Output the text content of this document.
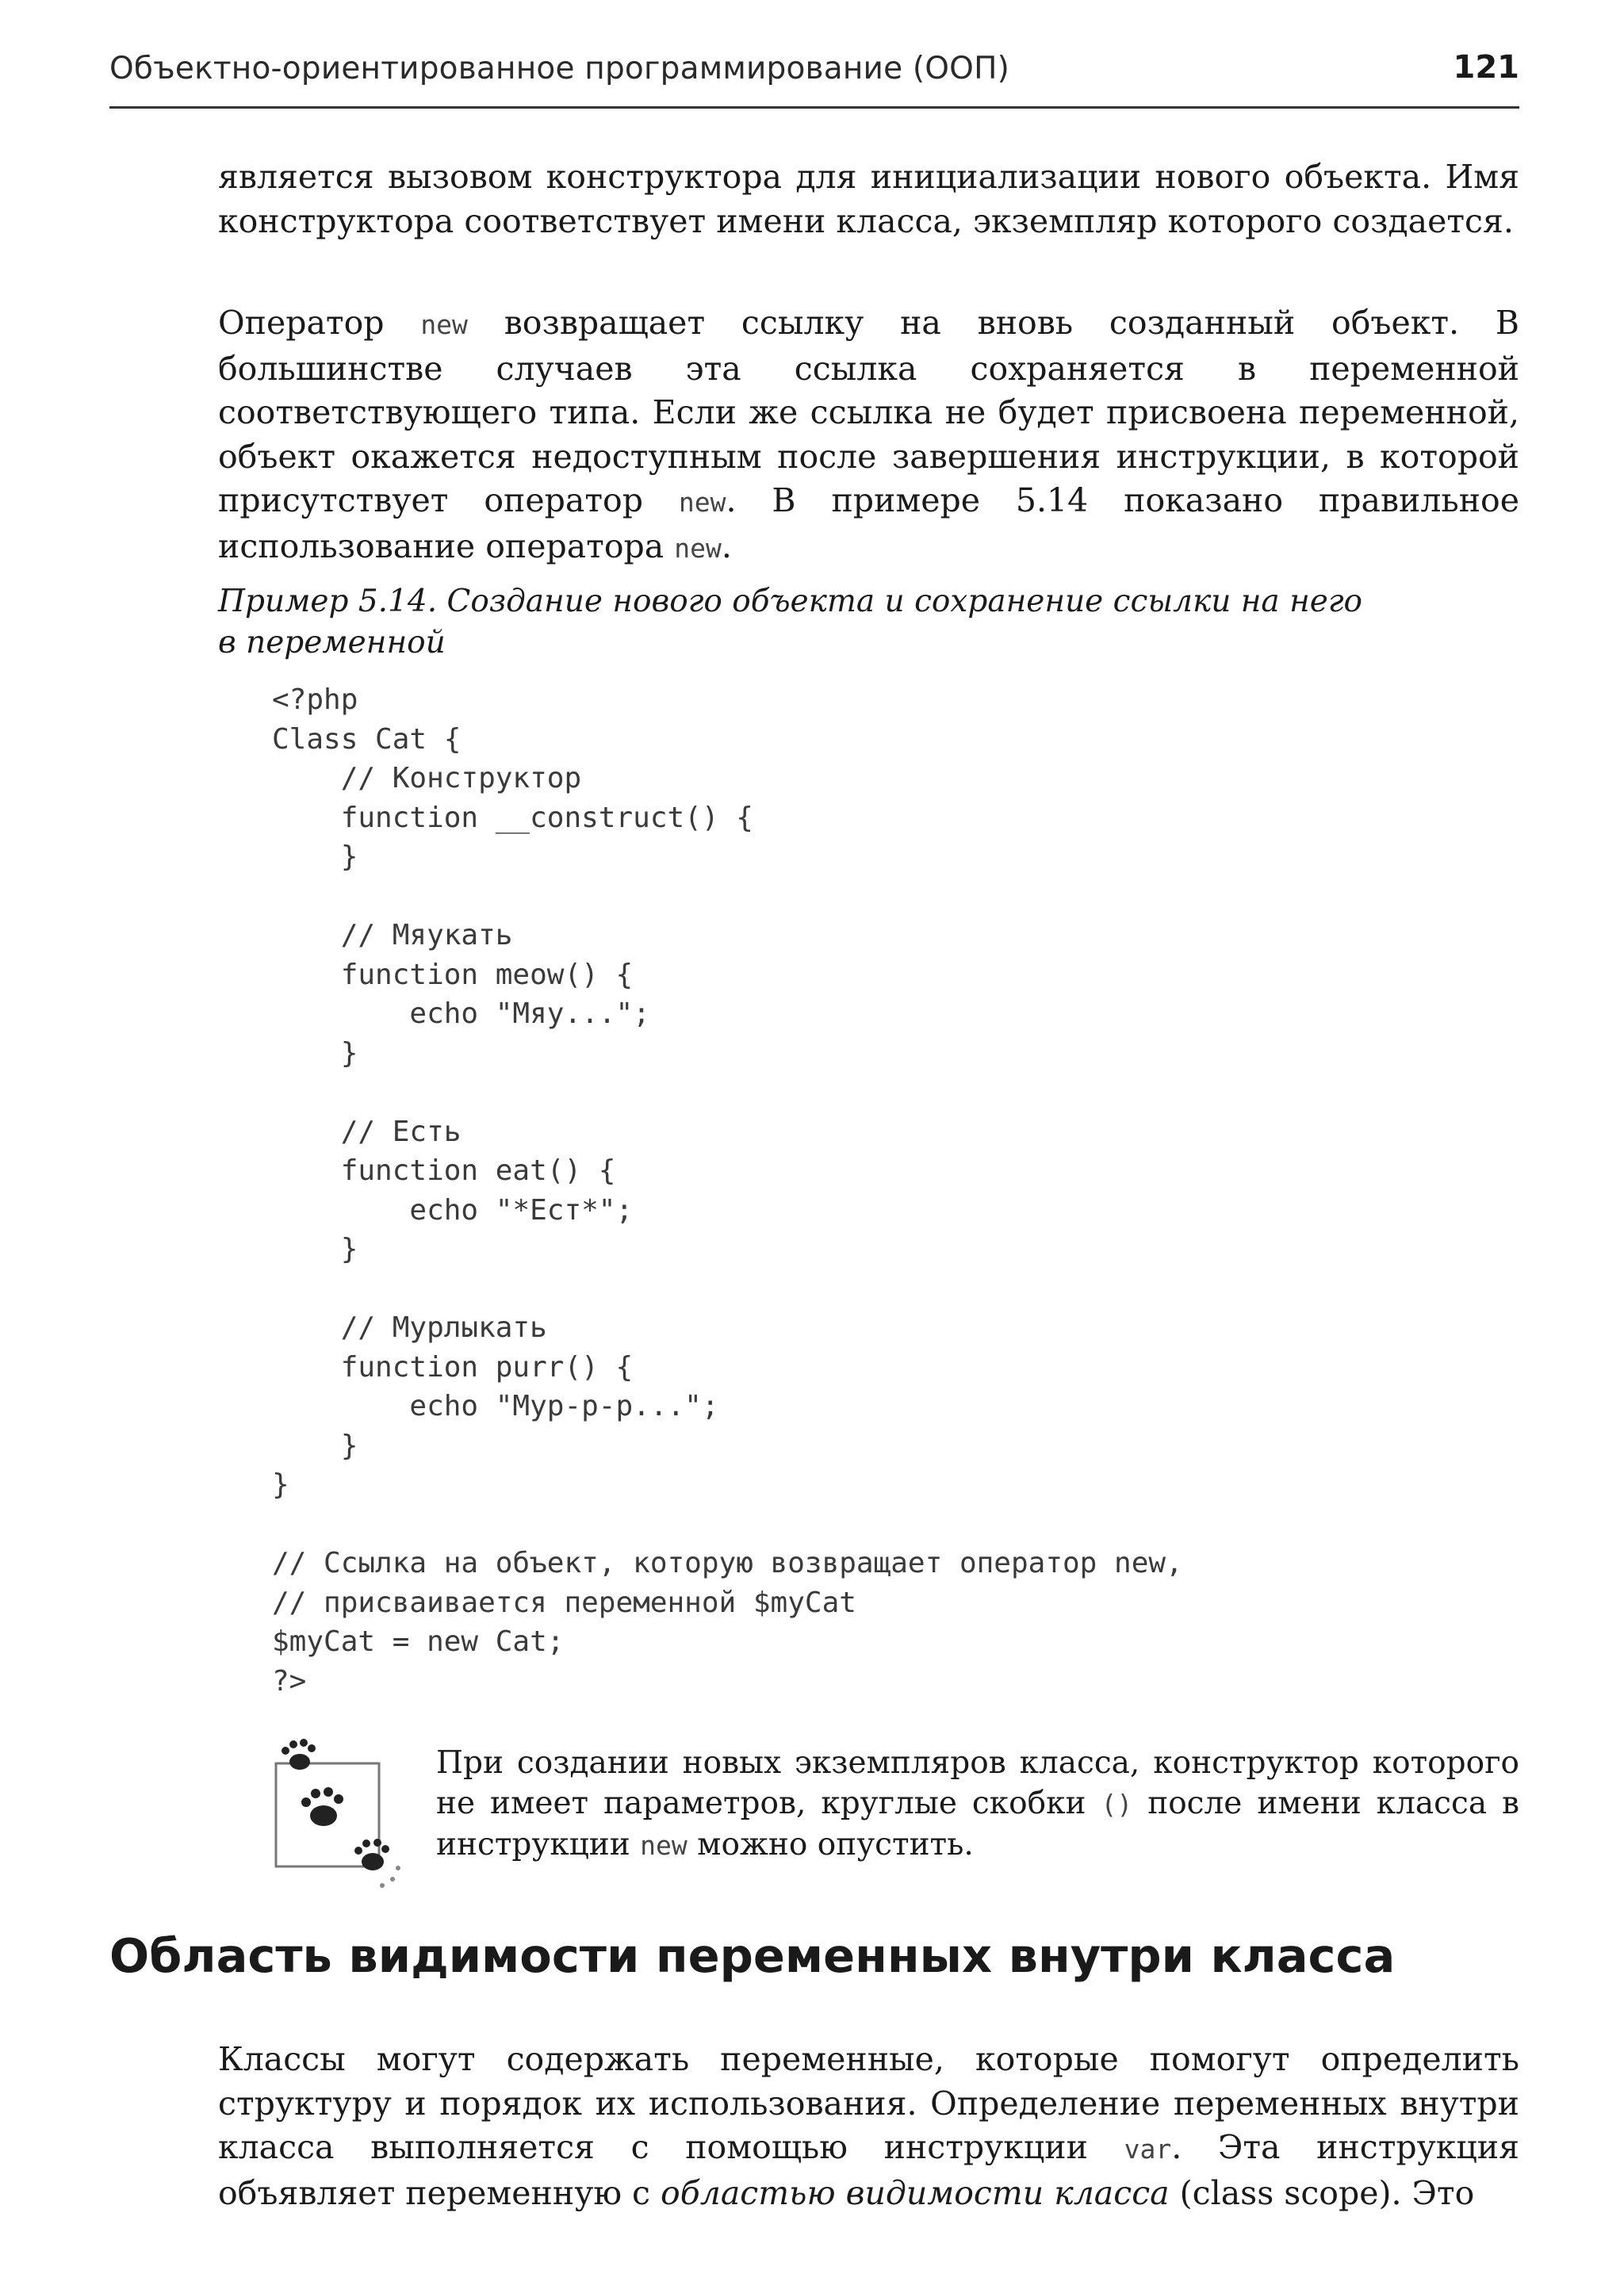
Объектно-ориентированное программирование (ООП)	121

является вызовом конструктора для инициализации нового объекта. Имя конструктора соответствует имени класса, экземпляр которого создается.

Оператор new возвращает ссылку на вновь созданный объект. В большинстве случаев эта ссылка сохраняется в переменной соответствующего типа. Если же ссылка не будет присвоена переменной, объект окажется недоступным после завершения инструкции, в которой присутствует оператор new. В примере 5.14 показано правильное использование оператора new.

Пример 5.14. Создание нового объекта и сохранение ссылки на него
в переменной
<?php
Class Cat {
// Конструктор
function __construct() {
}

// Мяукать
function meow() {
echo "Мяу...";
}

// Есть
function eat() {
echo "*Ест*";
}

// Мурлыкать
function purr() {
echo "Мур-р-р...";
}
}

// Ссылка на объект, которую возвращает оператор new,
// присваивается переменной $myCat
$myCat = new Cat;
?>
При создании новых экземпляров класса, конструктор которого не имеет параметров, круглые скобки () после имени класса в инструкции new можно опустить.
Область видимости переменных внутри класса

Классы могут содержать переменные, которые помогут определить структуру и порядок их использования. Определение переменных внутри класса выполняется с помощью инструкции var. Эта инструкция объявляет переменную с областью видимости класса (class scope). Это
